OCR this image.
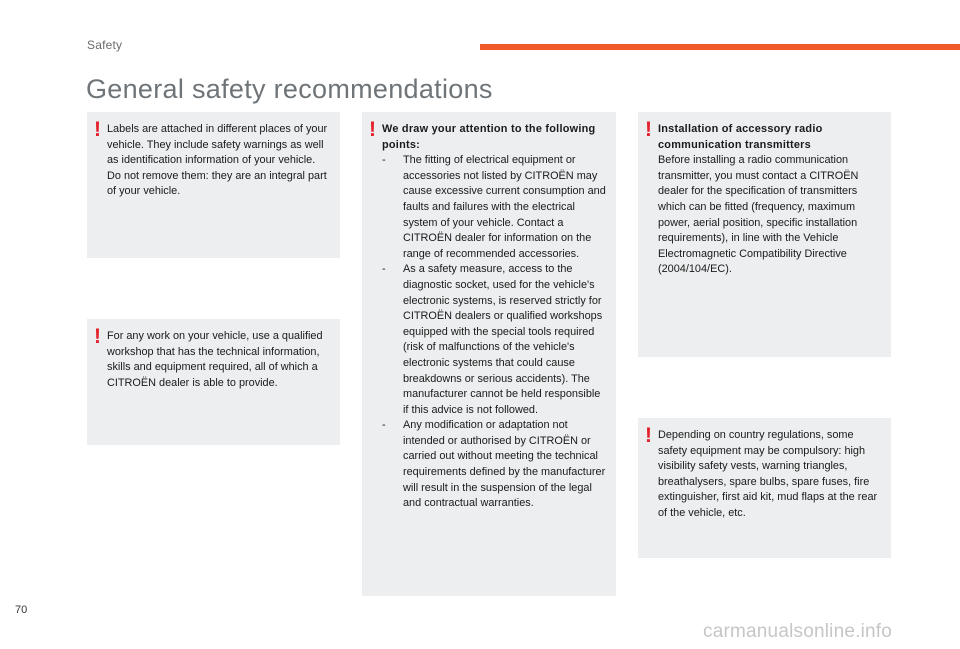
Safety
General safety recommendations
! Labels are attached in different places of your vehicle. They include safety warnings as well as identification information of your vehicle. Do not remove them: they are an integral part of your vehicle.

! For any work on your vehicle, use a qualified workshop that has the technical information, skills and equipment required, all of which a CITROËN dealer is able to provide.

! We draw your attention to the following points:

- The fitting of electrical equipment or accessories not listed by CITROËN may cause excessive current consumption and faults and failures with the electrical system of your vehicle. Contact a CITROËN dealer for information on the range of recommended accessories.
- As a safety measure, access to the diagnostic socket, used for the vehicle's electronic systems, is reserved strictly for CITROËN dealers or qualified workshops equipped with the special tools required (risk of malfunctions of the vehicle's electronic systems that could cause breakdowns or serious accidents). The manufacturer cannot be held responsible if this advice is not followed.
- Any modification or adaptation not intended or authorised by CITROËN or carried out without meeting the technical requirements defined by the manufacturer will result in the suspension of the legal and contractual warranties.
! Installation of accessory radio communication transmitters

Before installing a radio communication transmitter, you must contact a CITROËN dealer for the specification of transmitters which can be fitted (frequency, maximum power, aerial position, specific installation requirements), in line with the Vehicle Electromagnetic Compatibility Directive (2004/104/EC).

! Depending on country regulations, some safety equipment may be compulsory: high visibility safety vests, warning triangles, breathalysers, spare bulbs, spare fuses, fire extinguisher, first aid kit, mud flaps at the rear of the vehicle, etc.

70
carmanualsonline.info
